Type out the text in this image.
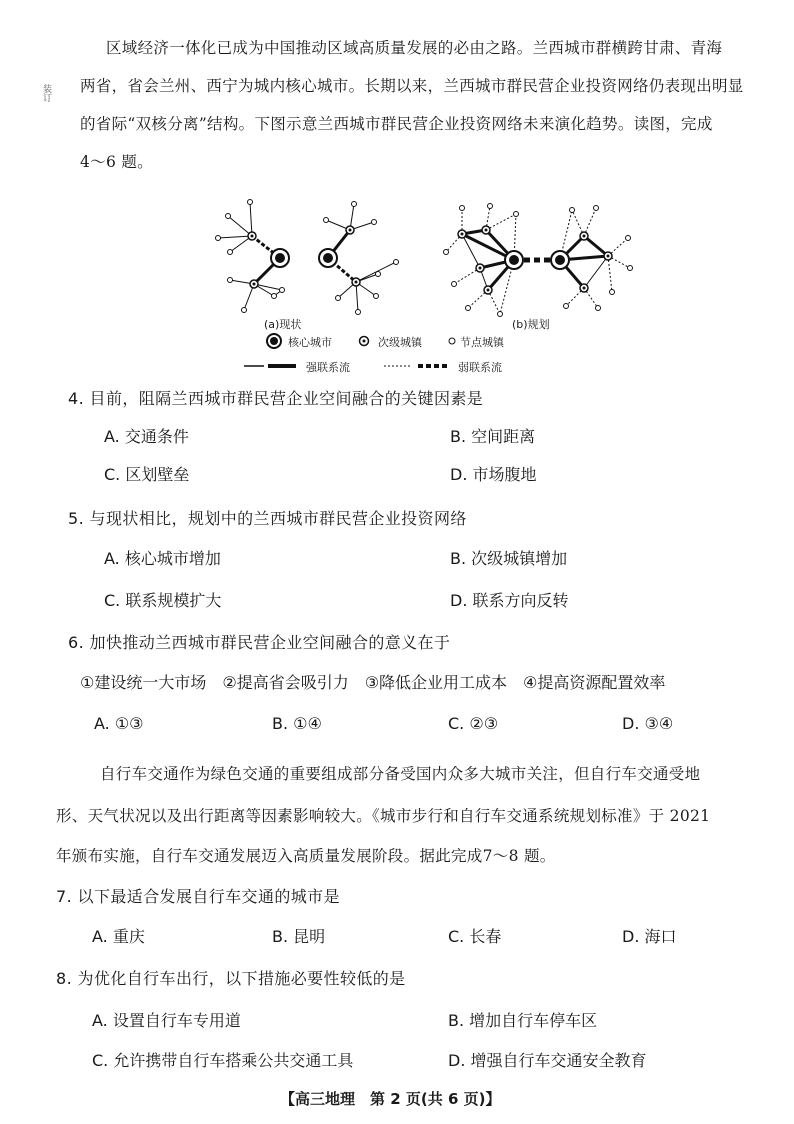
装订
区域经济一体化已成为中国推动区域高质量发展的必由之路。兰西城市群横跨甘肃、青海
两省，省会兰州、西宁为城内核心城市。长期以来，兰西城市群民营企业投资网络仍表现出明显
的省际“双核分离”结构。下图示意兰西城市群民营企业投资网络未来演化趋势。读图，完成
4～6 题。
(a)现状	(b)规划
核心城市	次级城镇	节点城镇
强联系流	弱联系流
4. 目前，阻隔兰西城市群民营企业空间融合的关键因素是
A. 交通条件	B. 空间距离
C. 区划壁垒	D. 市场腹地
5. 与现状相比，规划中的兰西城市群民营企业投资网络
A. 核心城市增加	B. 次级城镇增加
C. 联系规模扩大	D. 联系方向反转
6. 加快推动兰西城市群民营企业空间融合的意义在于
①建设统一大市场　②提高省会吸引力　③降低企业用工成本　④提高资源配置效率
A. ①③	B. ①④	C. ②③	D. ③④
自行车交通作为绿色交通的重要组成部分备受国内众多大城市关注，但自行车交通受地
形、天气状况以及出行距离等因素影响较大。《城市步行和自行车交通系统规划标准》于 2021
年颁布实施，自行车交通发展迈入高质量发展阶段。据此完成7～8 题。
7. 以下最适合发展自行车交通的城市是
A. 重庆	B. 昆明	C. 长春	D. 海口
8. 为优化自行车出行，以下措施必要性较低的是
A. 设置自行车专用道	B. 增加自行车停车区
C. 允许携带自行车搭乘公共交通工具	D. 增强自行车交通安全教育
【高三地理　第 2 页(共 6 页)】
